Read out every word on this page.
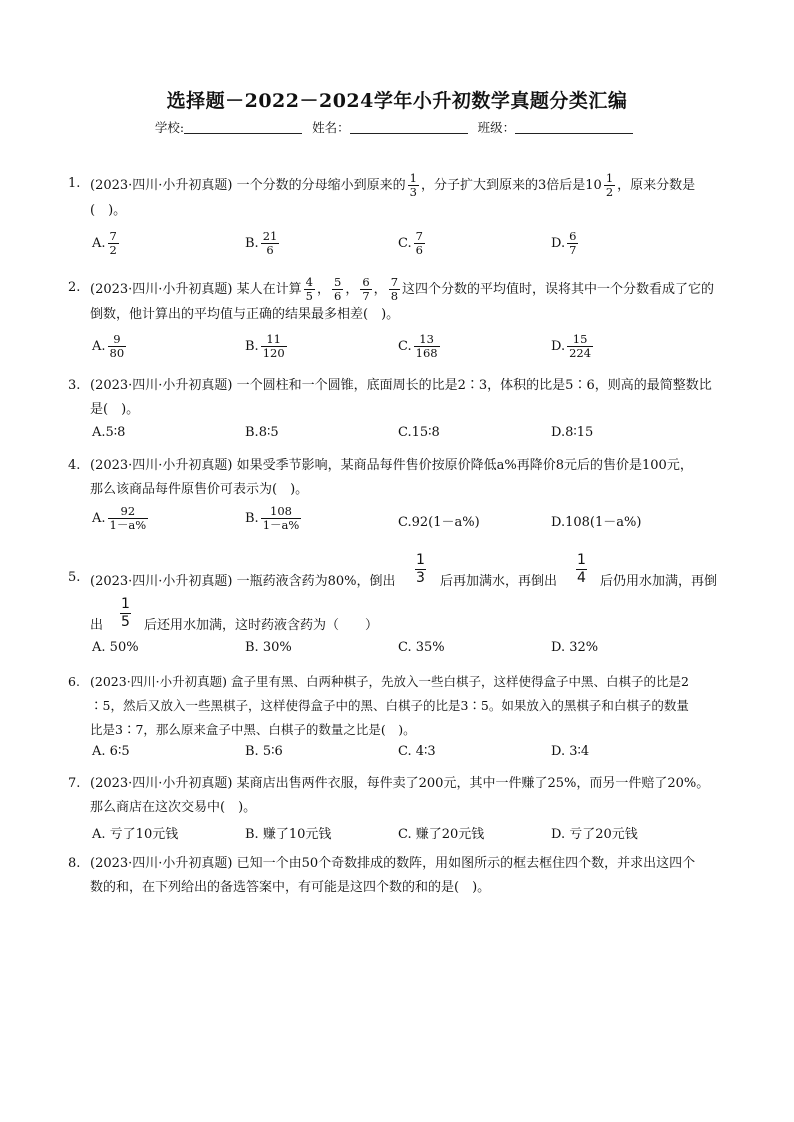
选择题－2022－2024学年小升初数学真题分类汇编
学校:	姓名：	班级：
1. (2023·四川·小升初真题) 一个分数的分母缩小到原来的 $\frac{1}{3}$ ，分子扩大到原来的3倍后是$10 \frac{1}{2}$ ，原来分数是
(　)。
A. $\frac{7}{2}$	B. $\frac{21}{6}$	C. $\frac{7}{6}$	D. $\frac{6}{7}$
2. (2023·四川·小升初真题) 某人在计算 $\frac{4}{5}$ ， $\frac{5}{6}$ ， $\frac{6}{7}$ ， $\frac{7}{8}$ 这四个分数的平均值时，误将其中一个分数看成了它的
倒数，他计算出的平均值与正确的结果最多相差(　)。
A. $\frac{9}{80}$	B. $\frac{11}{120}$	C. $\frac{13}{168}$	D. $\frac{15}{224}$
3. (2023·四川·小升初真题) 一个圆柱和一个圆锥，底面周长的比是2∶3，体积的比是5∶6，则高的最简整数比
是(　)。
A.5∶8	B.8∶5	C.15∶8	D.8∶15
4. (2023·四川·小升初真题) 如果受季节影响，某商品每件售价按原价降低a%再降价8元后的售价是100元，
那么该商品每件原售价可表示为(　)。
A. $\frac{92}{1-a\%}$	B. $\frac{108}{1-a\%}$	C.92(1－a%)	D.108(1－a%)
5. (2023·四川·小升初真题) 一瓶药液含药为80%，倒出 $\frac{1}{3}$ 后再加满水，再倒出 $\frac{1}{4}$ 后仍用水加满，再倒
出 $\frac{1}{5}$ 后还用水加满，这时药液含药为（　　）
A. 50%	B. 30%	C. 35%	D. 32%
6. (2023·四川·小升初真题) 盒子里有黑、白两种棋子，先放入一些白棋子，这样使得盒子中黑、白棋子的比是2
∶5，然后又放入一些黑棋子，这样使得盒子中的黑、白棋子的比是3∶5。如果放入的黑棋子和白棋子的数量
比是3∶7，那么原来盒子中黑、白棋子的数量之比是(　)。
A. 6∶5	B. 5∶6	C. 4∶3	D. 3∶4
7. (2023·四川·小升初真题) 某商店出售两件衣服，每件卖了200元，其中一件赚了25%，而另一件赔了20%。
那么商店在这次交易中(　)。
A. 亏了10元钱	B. 赚了10元钱	C. 赚了20元钱	D. 亏了20元钱
8. (2023·四川·小升初真题) 已知一个由50个奇数排成的数阵，用如图所示的框去框住四个数，并求出这四个
数的和，在下列给出的备选答案中，有可能是这四个数的和的是(　)。
